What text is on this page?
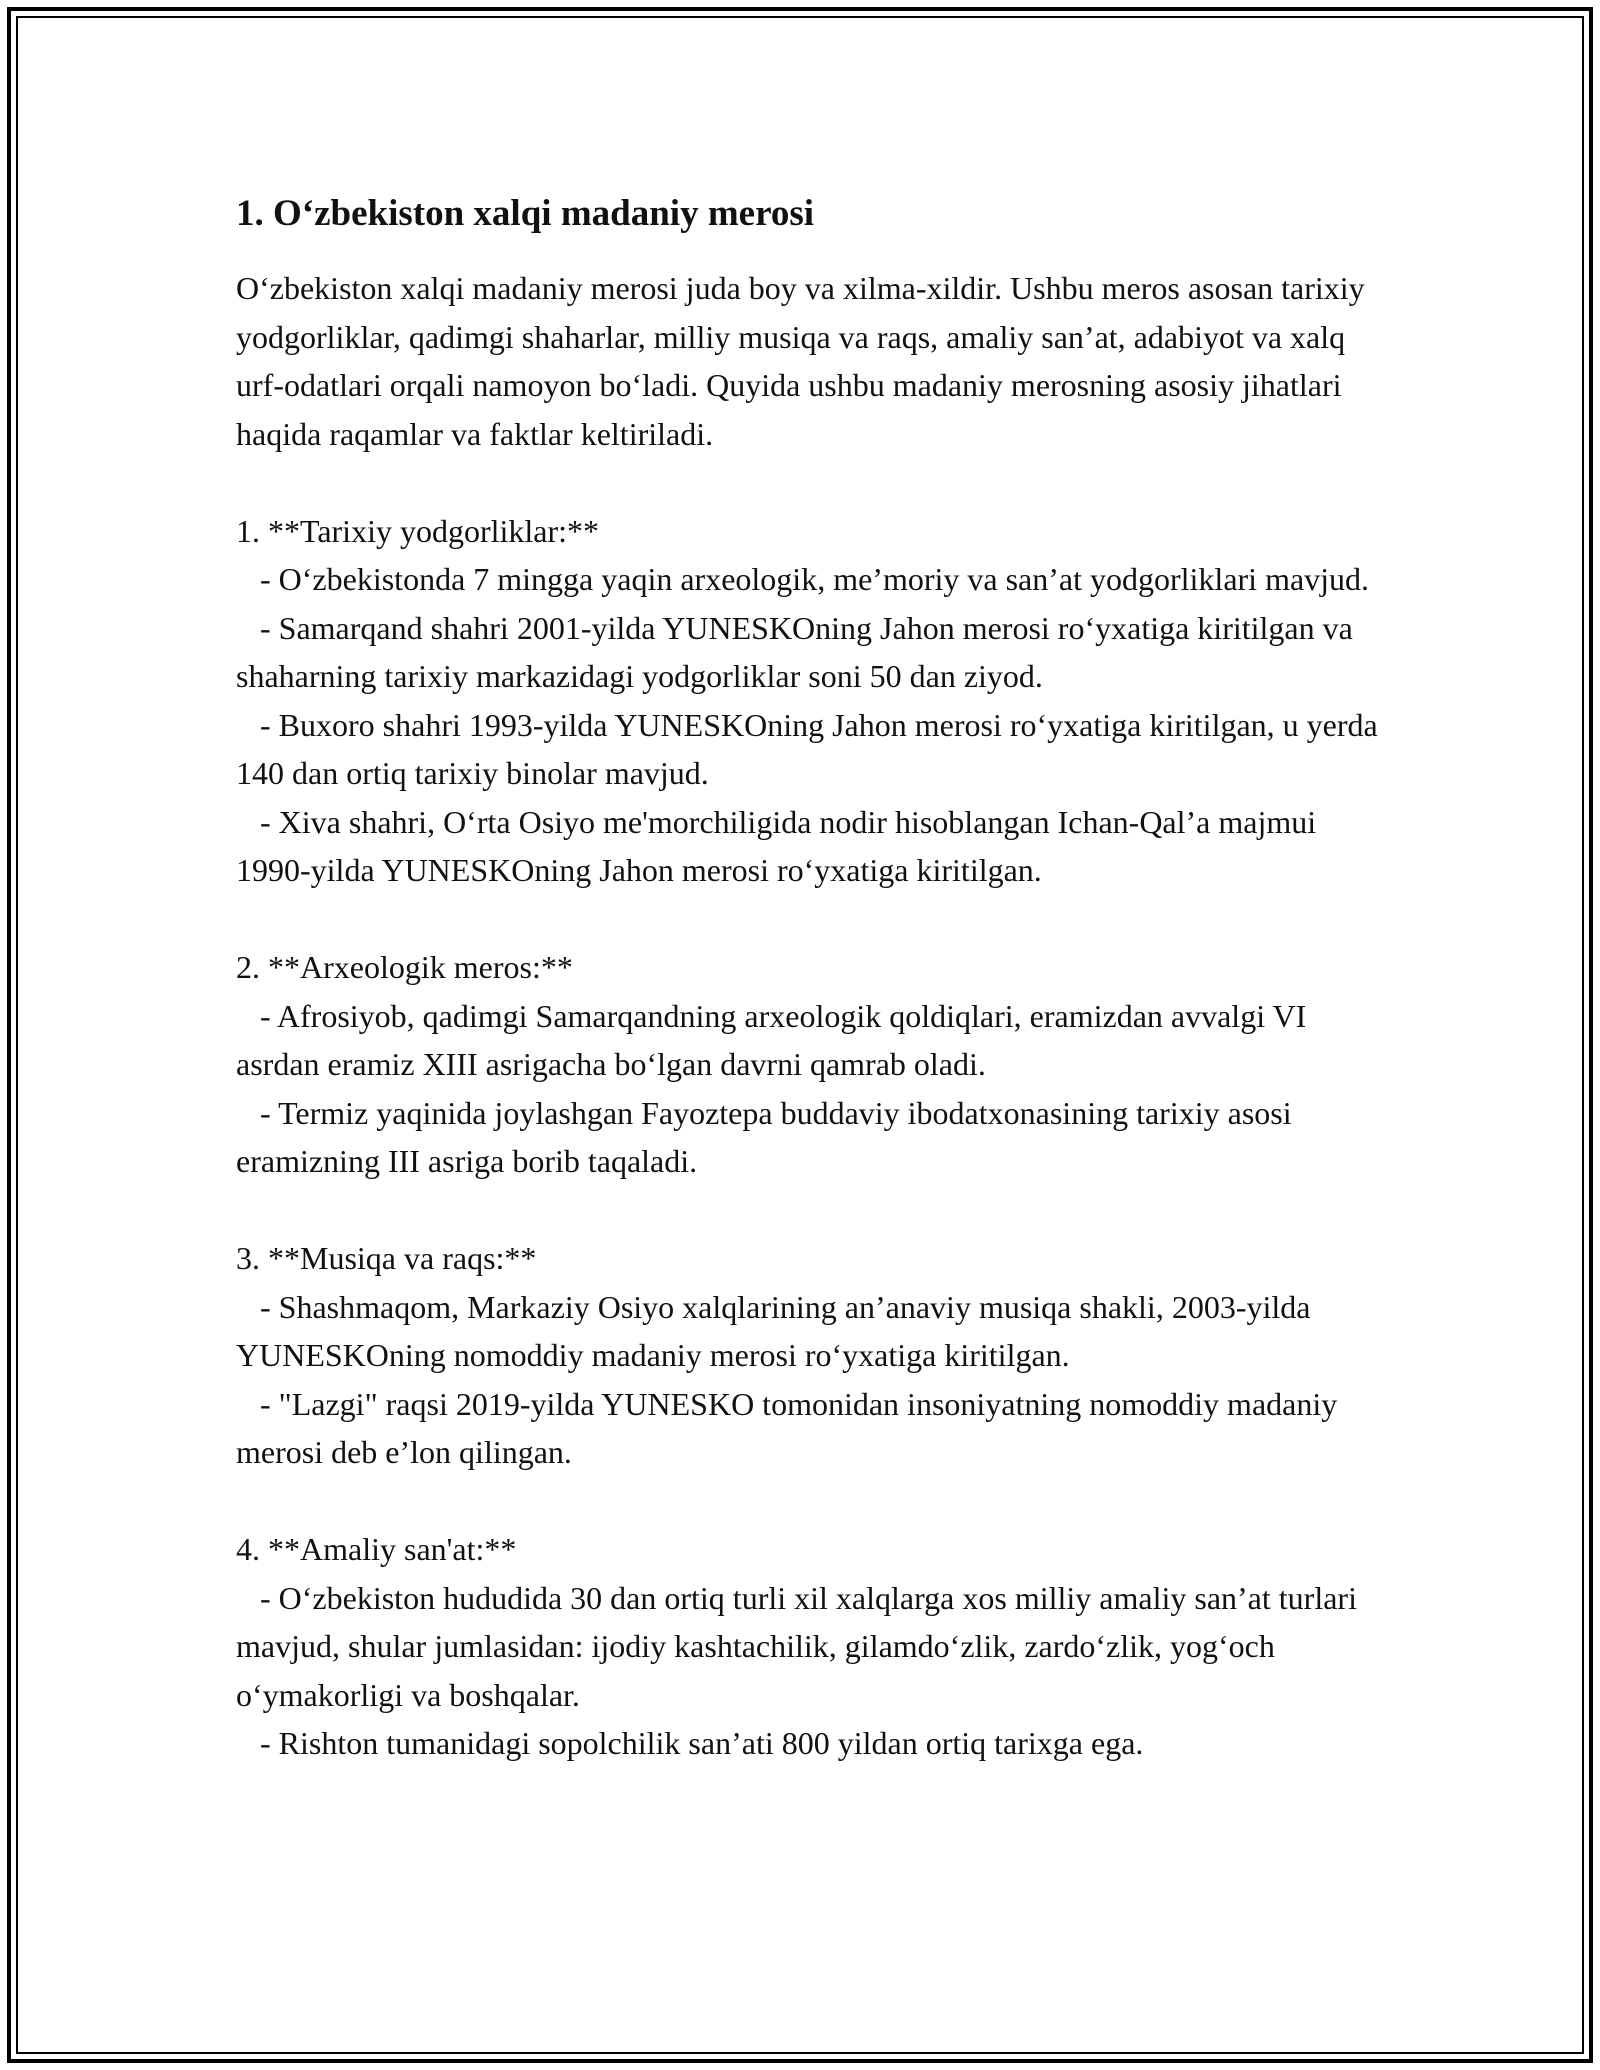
1. O‘zbekiston xalqi madaniy merosi

O‘zbekiston xalqi madaniy merosi juda boy va xilma-xildir. Ushbu meros asosan tarixiy yodgorliklar, qadimgi shaharlar, milliy musiqa va raqs, amaliy san’at, adabiyot va xalq urf-odatlari orqali namoyon bo‘ladi. Quyida ushbu madaniy merosning asosiy jihatlari haqida raqamlar va faktlar keltiriladi.

1. **Tarixiy yodgorliklar:**

- O‘zbekistonda 7 mingga yaqin arxeologik, me’moriy va san’at yodgorliklari mavjud.

- Samarqand shahri 2001-yilda YUNESKOning Jahon merosi ro‘yxatiga kiritilgan va shaharning tarixiy markazidagi yodgorliklar soni 50 dan ziyod.

- Buxoro shahri 1993-yilda YUNESKOning Jahon merosi ro‘yxatiga kiritilgan, u yerda 140 dan ortiq tarixiy binolar mavjud.

- Xiva shahri, O‘rta Osiyo me'morchiligida nodir hisoblangan Ichan-Qal’a majmui 1990-yilda YUNESKOning Jahon merosi ro‘yxatiga kiritilgan.

2. **Arxeologik meros:**

- Afrosiyob, qadimgi Samarqandning arxeologik qoldiqlari, eramizdan avvalgi VI asrdan eramiz XIII asrigacha bo‘lgan davrni qamrab oladi.

- Termiz yaqinida joylashgan Fayoztepa buddaviy ibodatxonasining tarixiy asosi eramizning III asriga borib taqaladi.

3. **Musiqa va raqs:**

- Shashmaqom, Markaziy Osiyo xalqlarining an’anaviy musiqa shakli, 2003-yilda YUNESKOning nomoddiy madaniy merosi ro‘yxatiga kiritilgan.

- "Lazgi" raqsi 2019-yilda YUNESKO tomonidan insoniyatning nomoddiy madaniy merosi deb e’lon qilingan.

4. **Amaliy san'at:**

- O‘zbekiston hududida 30 dan ortiq turli xil xalqlarga xos milliy amaliy san’at turlari mavjud, shular jumlasidan: ijodiy kashtachilik, gilamdo‘zlik, zardo‘zlik, yog‘och o‘ymakorligi va boshqalar.

- Rishton tumanidagi sopolchilik san’ati 800 yildan ortiq tarixga ega.
